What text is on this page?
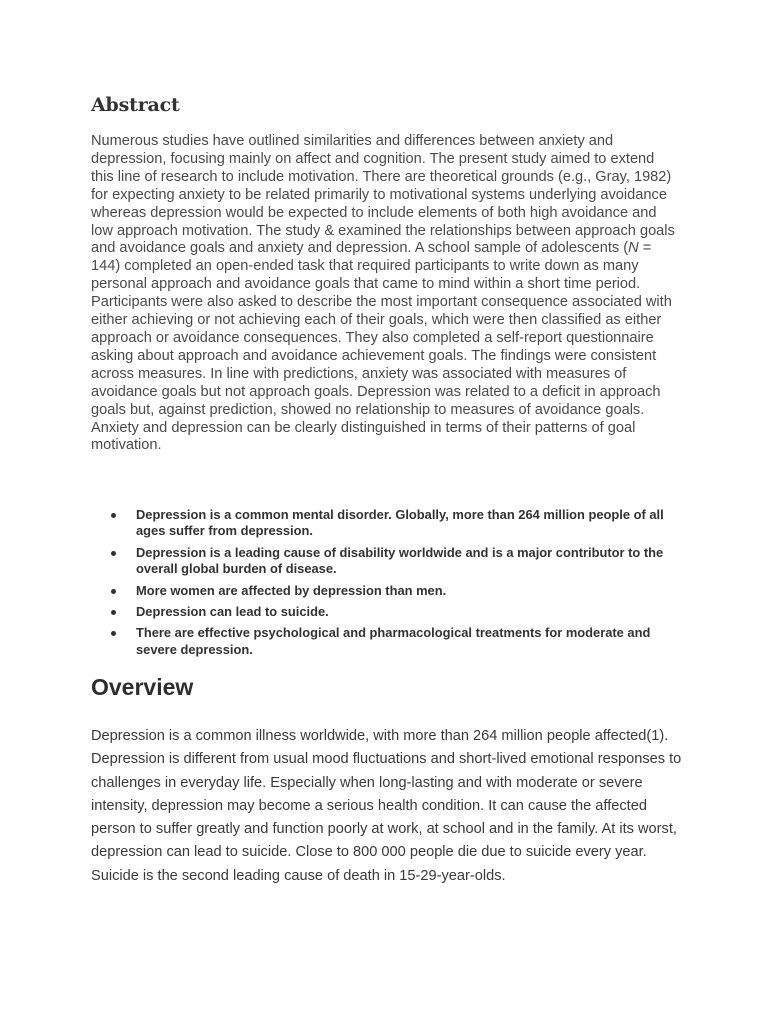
Abstract

Numerous studies have outlined similarities and differences between anxiety and depression, focusing mainly on affect and cognition. The present study aimed to extend this line of research to include motivation. There are theoretical grounds (e.g., Gray, 1982) for expecting anxiety to be related primarily to motivational systems underlying avoidance whereas depression would be expected to include elements of both high avoidance and low approach motivation. The study & examined the relationships between approach goals and avoidance goals and anxiety and depression. A school sample of adolescents (N = 144) completed an open-ended task that required participants to write down as many personal approach and avoidance goals that came to mind within a short time period. Participants were also asked to describe the most important consequence associated with either achieving or not achieving each of their goals, which were then classified as either approach or avoidance consequences. They also completed a self-report questionnaire asking about approach and avoidance achievement goals. The findings were consistent across measures. In line with predictions, anxiety was associated with measures of avoidance goals but not approach goals. Depression was related to a deficit in approach goals but, against prediction, showed no relationship to measures of avoidance goals. Anxiety and depression can be clearly distinguished in terms of their patterns of goal motivation.

Depression is a common mental disorder. Globally, more than 264 million people of all ages suffer from depression.
Depression is a leading cause of disability worldwide and is a major contributor to the overall global burden of disease.
More women are affected by depression than men.
Depression can lead to suicide.
There are effective psychological and pharmacological treatments for moderate and severe depression.
Overview

Depression is a common illness worldwide, with more than 264 million people affected(1). Depression is different from usual mood fluctuations and short-lived emotional responses to challenges in everyday life. Especially when long-lasting and with moderate or severe intensity, depression may become a serious health condition. It can cause the affected person to suffer greatly and function poorly at work, at school and in the family. At its worst, depression can lead to suicide. Close to 800 000 people die due to suicide every year. Suicide is the second leading cause of death in 15-29-year-olds.
